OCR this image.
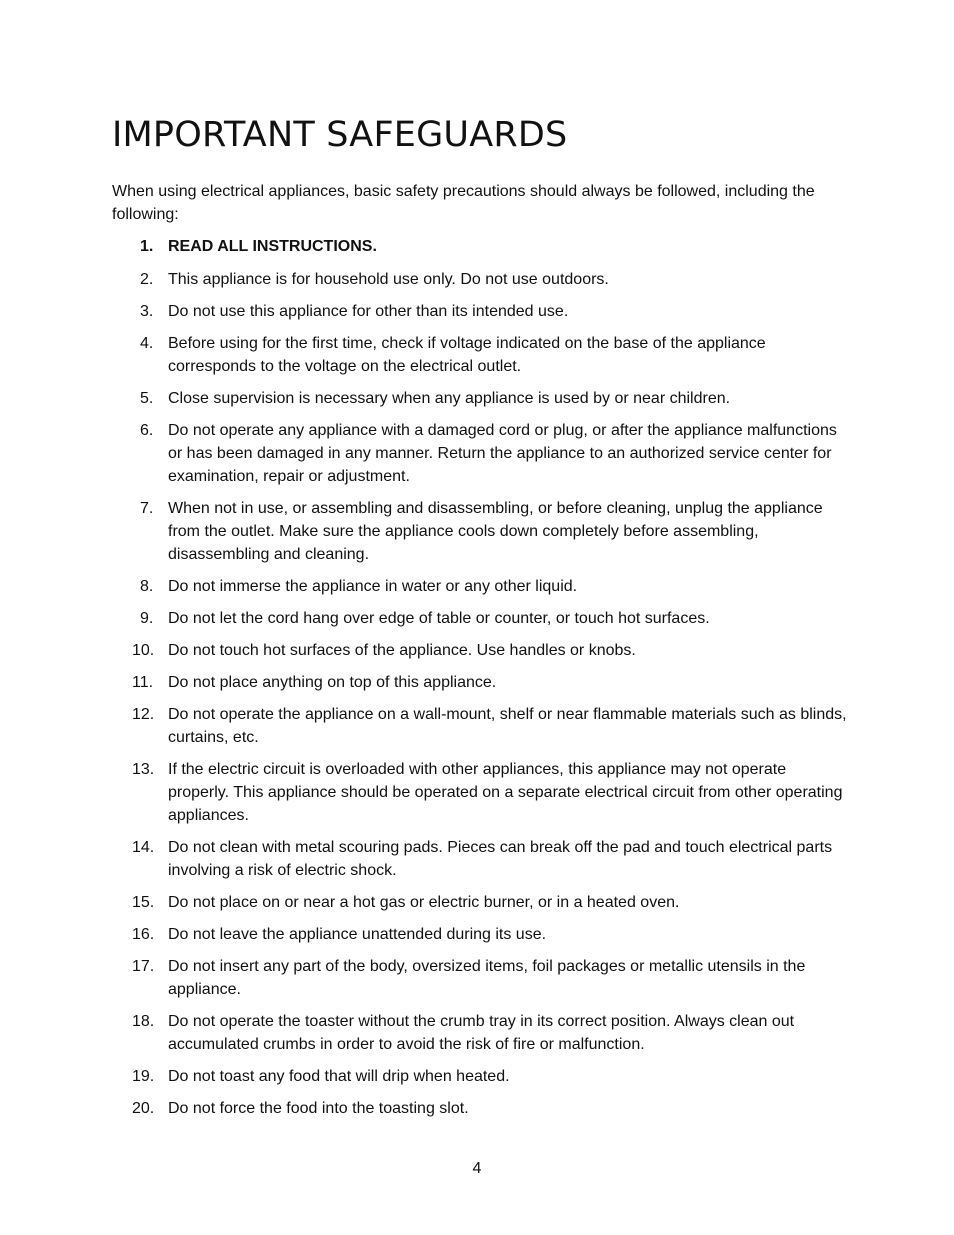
IMPORTANT SAFEGUARDS

When using electrical appliances, basic safety precautions should always be followed, including the following:

1. READ ALL INSTRUCTIONS.
2. This appliance is for household use only. Do not use outdoors.
3. Do not use this appliance for other than its intended use.
4. Before using for the first time, check if voltage indicated on the base of the appliance corresponds to the voltage on the electrical outlet.
5. Close supervision is necessary when any appliance is used by or near children.
6. Do not operate any appliance with a damaged cord or plug, or after the appliance malfunctions or has been damaged in any manner. Return the appliance to an authorized service center for examination, repair or adjustment.
7. When not in use, or assembling and disassembling, or before cleaning, unplug the appliance from the outlet. Make sure the appliance cools down completely before assembling, disassembling and cleaning.
8. Do not immerse the appliance in water or any other liquid.
9. Do not let the cord hang over edge of table or counter, or touch hot surfaces.
10. Do not touch hot surfaces of the appliance. Use handles or knobs.
11. Do not place anything on top of this appliance.
12. Do not operate the appliance on a wall-mount, shelf or near flammable materials such as blinds, curtains, etc.
13. If the electric circuit is overloaded with other appliances, this appliance may not operate properly. This appliance should be operated on a separate electrical circuit from other operating appliances.
14. Do not clean with metal scouring pads. Pieces can break off the pad and touch electrical parts involving a risk of electric shock.
15. Do not place on or near a hot gas or electric burner, or in a heated oven.
16. Do not leave the appliance unattended during its use.
17. Do not insert any part of the body, oversized items, foil packages or metallic utensils in the appliance.
18. Do not operate the toaster without the crumb tray in its correct position. Always clean out accumulated crumbs in order to avoid the risk of fire or malfunction.
19. Do not toast any food that will drip when heated.
20. Do not force the food into the toasting slot.
4
